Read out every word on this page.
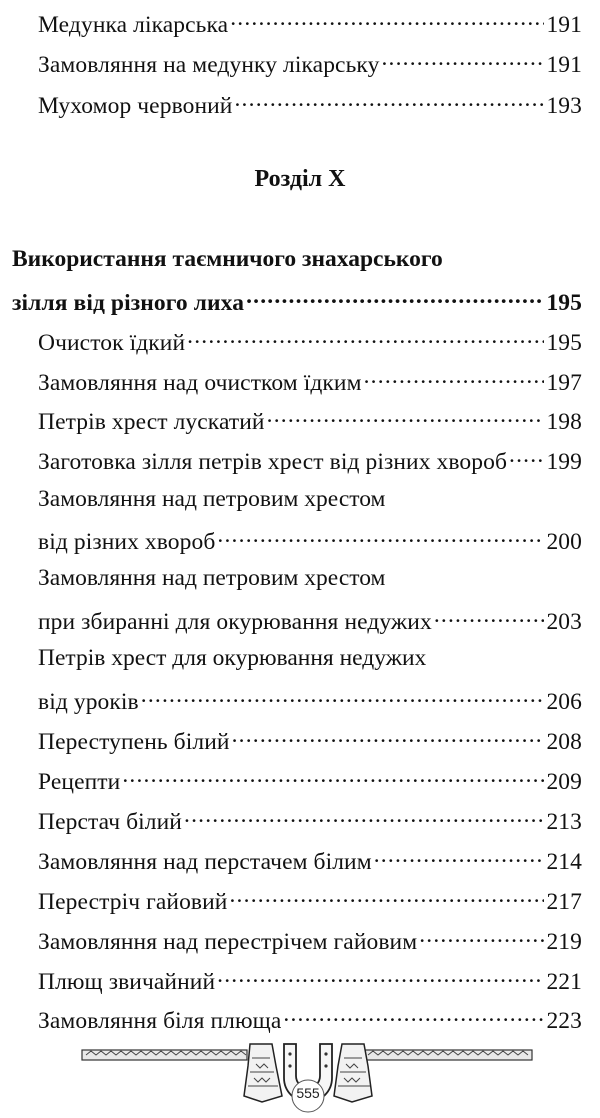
Медунка лікарська .....	191
Замовляння на медунку лікарську .....	191
Мухомор червоний .....	193
Розділ X
Використання таємничого знахарського
зілля від різного лиха .....	195
Очисток їдкий .....	195
Замовляння над очистком їдким .....	197
Петрів хрест лускатий .....	198
Заготовка зілля петрів хрест від різних хвороб ..... 199
Замовляння над петровим хрестом
від різних хвороб .....	200
Замовляння над петровим хрестом
при збиранні для окурювання недужих .....	203
Петрів хрест для окурювання недужих
від уроків .....	206
Переступень білий .....	208
Рецепти .....	209
Перстач білий .....	213
Замовляння над перстачем білим .....	214
Перестріч гайовий .....	217
Замовляння над перестрічем гайовим .....	219
Плющ звичайний .....	221
Замовляння біля плюща .....	223
555
